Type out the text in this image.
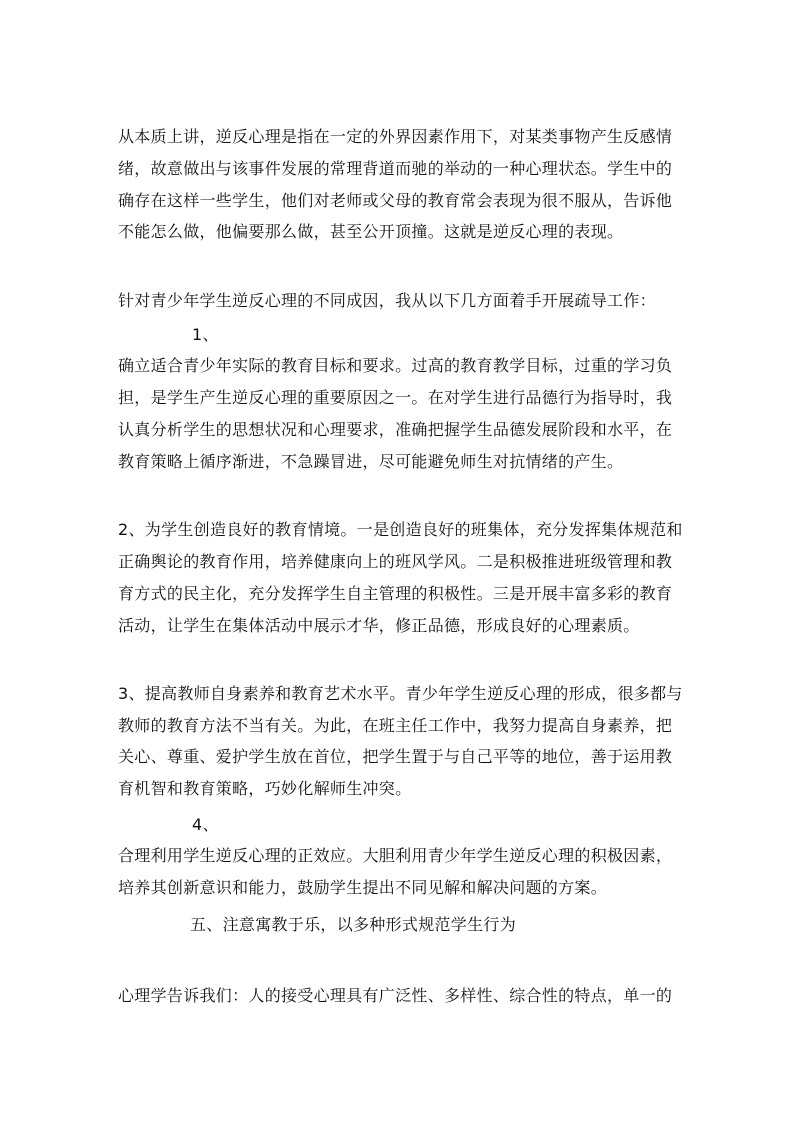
从本质上讲，逆反心理是指在一定的外界因素作用下，对某类事物产生反感情
绪，故意做出与该事件发展的常理背道而驰的举动的一种心理状态。学生中的
确存在这样一些学生，他们对老师或父母的教育常会表现为很不服从，告诉他
不能怎么做，他偏要那么做，甚至公开顶撞。这就是逆反心理的表现。
针对青少年学生逆反心理的不同成因，我从以下几方面着手开展疏导工作：
1、
确立适合青少年实际的教育目标和要求。过高的教育教学目标，过重的学习负
担，是学生产生逆反心理的重要原因之一。在对学生进行品德行为指导时，我
认真分析学生的思想状况和心理要求，准确把握学生品德发展阶段和水平，在
教育策略上循序渐进，不急躁冒进，尽可能避免师生对抗情绪的产生。
2、为学生创造良好的教育情境。一是创造良好的班集体，充分发挥集体规范和
正确舆论的教育作用，培养健康向上的班风学风。二是积极推进班级管理和教
育方式的民主化，充分发挥学生自主管理的积极性。三是开展丰富多彩的教育
活动，让学生在集体活动中展示才华，修正品德，形成良好的心理素质。
3、提高教师自身素养和教育艺术水平。青少年学生逆反心理的形成，很多都与
教师的教育方法不当有关。为此，在班主任工作中，我努力提高自身素养，把
关心、尊重、爱护学生放在首位，把学生置于与自己平等的地位，善于运用教
育机智和教育策略，巧妙化解师生冲突。
4、
合理利用学生逆反心理的正效应。大胆利用青少年学生逆反心理的积极因素，
培养其创新意识和能力，鼓励学生提出不同见解和解决问题的方案。
五、注意寓教于乐，以多种形式规范学生行为
心理学告诉我们：人的接受心理具有广泛性、多样性、综合性的特点，单一的
